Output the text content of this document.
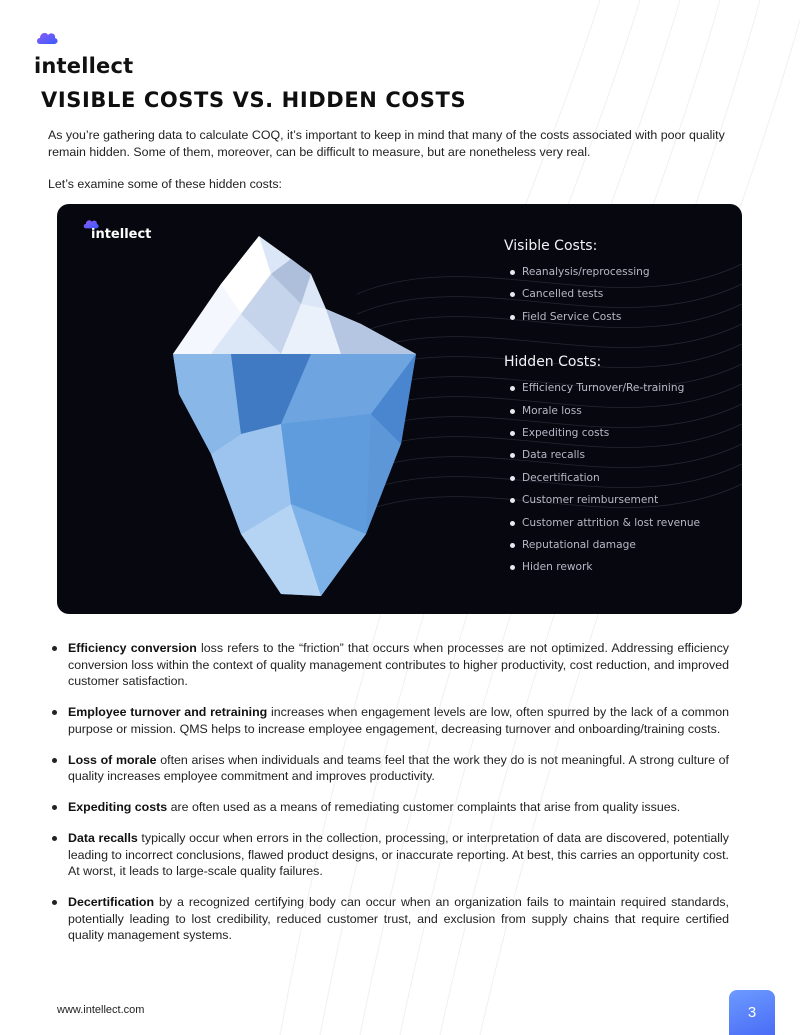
intellect
VISIBLE COSTS VS. HIDDEN COSTS

As you’re gathering data to calculate COQ, it’s important to keep in mind that many of the costs associated with poor quality remain hidden. Some of them, moreover, can be difficult to measure, but are nonetheless very real.

Let’s examine some of these hidden costs:

intellect
Visible Costs:
Reanalysis/reprocessing
Cancelled tests
Field Service Costs
Hidden Costs:
Efficiency Turnover/Re-training
Morale loss
Expediting costs
Data recalls
Decertification
Customer reimbursement
Customer attrition & lost revenue
Reputational damage
Hiden rework
Efficiency conversion loss refers to the “friction” that occurs when processes are not optimized. Addressing efficiency conversion loss within the context of quality management contributes to higher productivity, cost reduction, and improved customer satisfaction.
Employee turnover and retraining increases when engagement levels are low, often spurred by the lack of a common purpose or mission. QMS helps to increase employee engagement, decreasing turnover and onboarding/training costs.
Loss of morale often arises when individuals and teams feel that the work they do is not meaningful. A strong culture of quality increases employee commitment and improves productivity.
Expediting costs are often used as a means of remediating customer complaints that arise from quality issues.
Data recalls typically occur when errors in the collection, processing, or interpretation of data are discovered, potentially leading to incorrect conclusions, flawed product designs, or inaccurate reporting. At best, this carries an opportunity cost. At worst, it leads to large-scale quality failures.
Decertification by a recognized certifying body can occur when an organization fails to maintain required standards, potentially leading to lost credibility, reduced customer trust, and exclusion from supply chains that require certified quality management systems.
www.intellect.com	3
